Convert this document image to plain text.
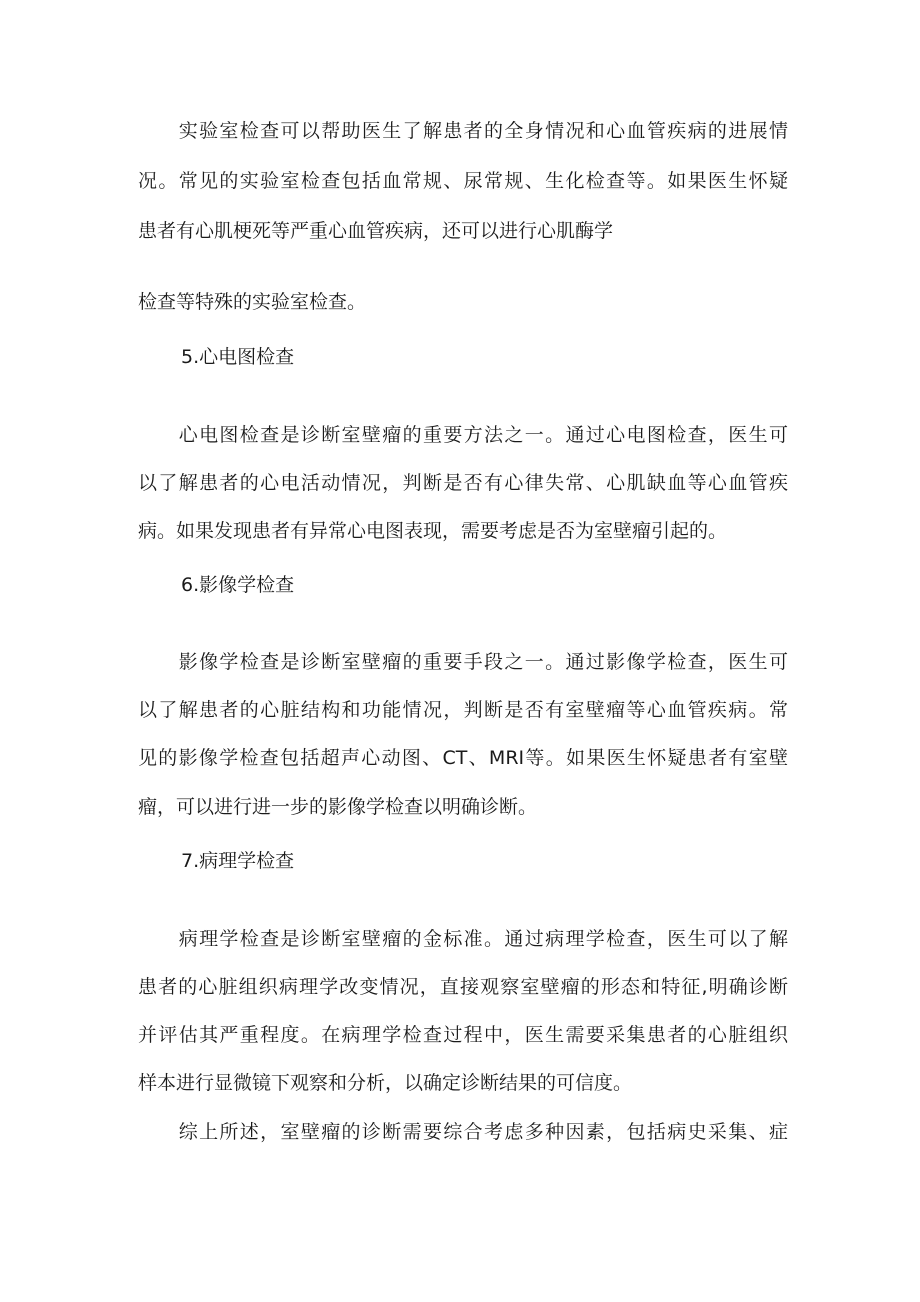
　　实验室检查可以帮助医生了解患者的全身情况和心血管疾病的进展情
况。常见的实验室检查包括血常规、尿常规、生化检查等。如果医生怀疑
患者有心肌梗死等严重心血管疾病，还可以进行心肌酶学
检查等特殊的实验室检查。
5.心电图检查
　　心电图检查是诊断室壁瘤的重要方法之一。通过心电图检查，医生可
以了解患者的心电活动情况，判断是否有心律失常、心肌缺血等心血管疾
病。如果发现患者有异常心电图表现，需要考虑是否为室壁瘤引起的。
6.影像学检查
　　影像学检查是诊断室壁瘤的重要手段之一。通过影像学检查，医生可
以了解患者的心脏结构和功能情况，判断是否有室壁瘤等心血管疾病。常
见的影像学检查包括超声心动图、CT、MRI等。如果医生怀疑患者有室壁
瘤，可以进行进一步的影像学检查以明确诊断。
7.病理学检查
　　病理学检查是诊断室壁瘤的金标准。通过病理学检查，医生可以了解
患者的心脏组织病理学改变情况，直接观察室壁瘤的形态和特征,明确诊断
并评估其严重程度。在病理学检查过程中，医生需要采集患者的心脏组织
样本进行显微镜下观察和分析，以确定诊断结果的可信度。
　　综上所述，室壁瘤的诊断需要综合考虑多种因素，包括病史采集、症
